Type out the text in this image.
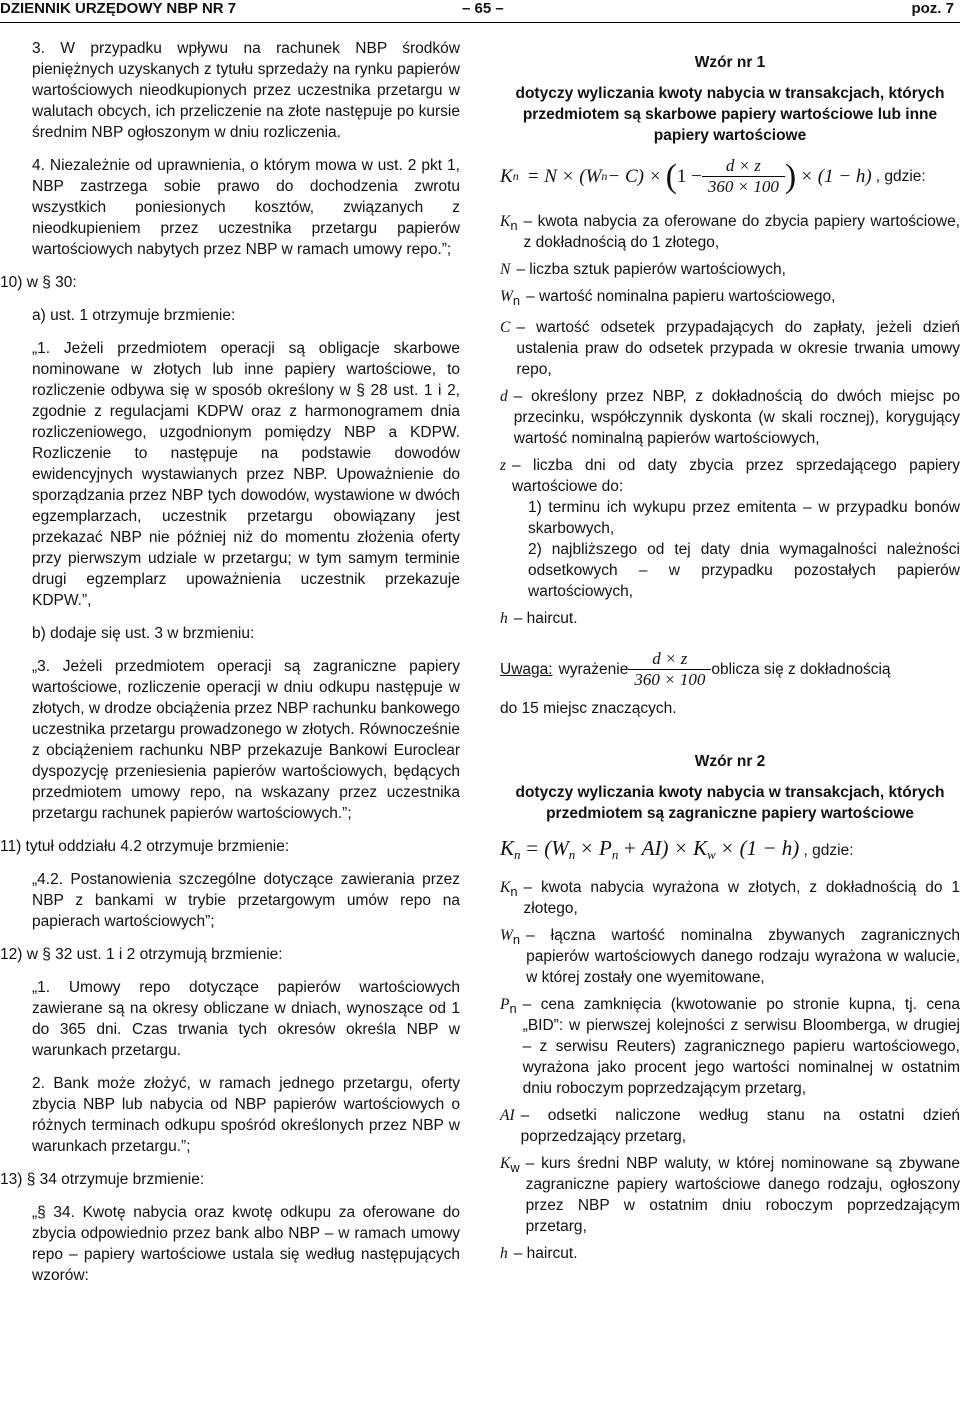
DZIENNIK URZĘDOWY NBP NR 7	– 65 –	poz. 7

3. W przypadku wpływu na rachunek NBP środków pieniężnych uzyskanych z tytułu sprzedaży na rynku papierów wartościowych nieodkupionych przez uczestnika przetargu w walutach obcych, ich przeliczenie na złote następuje po kursie średnim NBP ogłoszonym w dniu rozliczenia.

4. Niezależnie od uprawnienia, o którym mowa w ust. 2 pkt 1, NBP zastrzega sobie prawo do dochodzenia zwrotu wszystkich poniesionych kosztów, związanych z nieodkupieniem przez uczestnika przetargu papierów wartościowych nabytych przez NBP w ramach umowy repo.”;

10) w § 30:

a) ust. 1 otrzymuje brzmienie:

„1. Jeżeli przedmiotem operacji są obligacje skarbowe nominowane w złotych lub inne papiery wartościowe, to rozliczenie odbywa się w sposób określony w § 28 ust. 1 i 2, zgodnie z regulacjami KDPW oraz z harmonogramem dnia rozliczeniowego, uzgodnionym pomiędzy NBP a KDPW. Rozliczenie to następuje na podstawie dowodów ewidencyjnych wystawianych przez NBP. Upoważnienie do sporządzania przez NBP tych dowodów, wystawione w dwóch egzemplarzach, uczestnik przetargu obowiązany jest przekazać NBP nie później niż do momentu złożenia oferty przy pierwszym udziale w przetargu; w tym samym terminie drugi egzemplarz upoważnienia uczestnik przekazuje KDPW.”,

b) dodaje się ust. 3 w brzmieniu:

„3. Jeżeli przedmiotem operacji są zagraniczne papiery wartościowe, rozliczenie operacji w dniu odkupu następuje w złotych, w drodze obciążenia przez NBP rachunku bankowego uczestnika przetargu prowadzonego w złotych. Równocześnie z obciążeniem rachunku NBP przekazuje Bankowi Euroclear dyspozycję przeniesienia papierów wartościowych, będących przedmiotem umowy repo, na wskazany przez uczestnika przetargu rachunek papierów wartościowych.”;

11) tytuł oddziału 4.2 otrzymuje brzmienie:

„4.2. Postanowienia szczególne dotyczące zawierania przez NBP z bankami w trybie przetargowym umów repo na papierach wartościowych”;

12) w § 32 ust. 1 i 2 otrzymują brzmienie:

„1. Umowy repo dotyczące papierów wartościowych zawierane są na okresy obliczane w dniach, wynoszące od 1 do 365 dni. Czas trwania tych okresów określa NBP w warunkach przetargu.

2. Bank może złożyć, w ramach jednego przetargu, oferty zbycia NBP lub nabycia od NBP papierów wartościowych o różnych terminach odkupu spośród określonych przez NBP w warunkach przetargu.”;

13) § 34 otrzymuje brzmienie:

„§ 34. Kwotę nabycia oraz kwotę odkupu za oferowane do zbycia odpowiednio przez bank albo NBP – w ramach umowy repo – papiery wartościowe ustala się według następujących wzorów:

Wzór nr 1

dotyczy wyliczania kwoty nabycia w transakcjach, których przedmiotem są skarbowe papiery wartościowe lub inne papiery wartościowe

K n = N × (W n − C) × ( $1 - \frac{d \times z}{360 \times 100}$ ) × (1 − h) , gdzie:
$K_n$ – kwota nabycia za oferowane do zbycia papiery wartościowe, z dokładnością do 1 złotego,
N – liczba sztuk papierów wartościowych,
$W_n$ – wartość nominalna papieru wartościowego,
C – wartość odsetek przypadających do zapłaty, jeżeli dzień ustalenia praw do odsetek przypada w okresie trwania umowy repo,
d – określony przez NBP, z dokładnością do dwóch miejsc po przecinku, współczynnik dyskonta (w skali rocznej), korygujący wartość nominalną papierów wartościowych,
z – liczba dni od daty zbycia przez sprzedającego papiery wartościowe do:

1) terminu ich wykupu przez emitenta – w przypadku bonów skarbowych,

2) najbliższego od tej daty dnia wymagalności należności odsetkowych – w przypadku pozostałych papierów wartościowych,

h – haircut.
Uwaga: wyrażenie $\frac{d \times z}{360 \times 100}$ oblicza się z dokładnością

do 15 miejsc znaczących.

Wzór nr 2

dotyczy wyliczania kwoty nabycia w transakcjach, których przedmiotem są zagraniczne papiery wartościowe

$K_n = (W_n \times P_n + AI) \times K_w \times (1 - h)$ , gdzie:
$K_n$ – kwota nabycia wyrażona w złotych, z dokładnością do 1 złotego,
$W_n$ – łączna wartość nominalna zbywanych zagranicznych papierów wartościowych danego rodzaju wyrażona w walucie, w której zostały one wyemitowane,
$P_n$ – cena zamknięcia (kwotowanie po stronie kupna, tj. cena „BID”: w pierwszej kolejności z serwisu Bloomberga, w drugiej – z serwisu Reuters) zagranicznego papieru wartościowego, wyrażona jako procent jego wartości nominalnej w ostatnim dniu roboczym poprzedzającym przetarg,
AI – odsetki naliczone według stanu na ostatni dzień poprzedzający przetarg,
$K_w$ – kurs średni NBP waluty, w której nominowane są zbywane zagraniczne papiery wartościowe danego rodzaju, ogłoszony przez NBP w ostatnim dniu roboczym poprzedzającym przetarg,
h – haircut.
